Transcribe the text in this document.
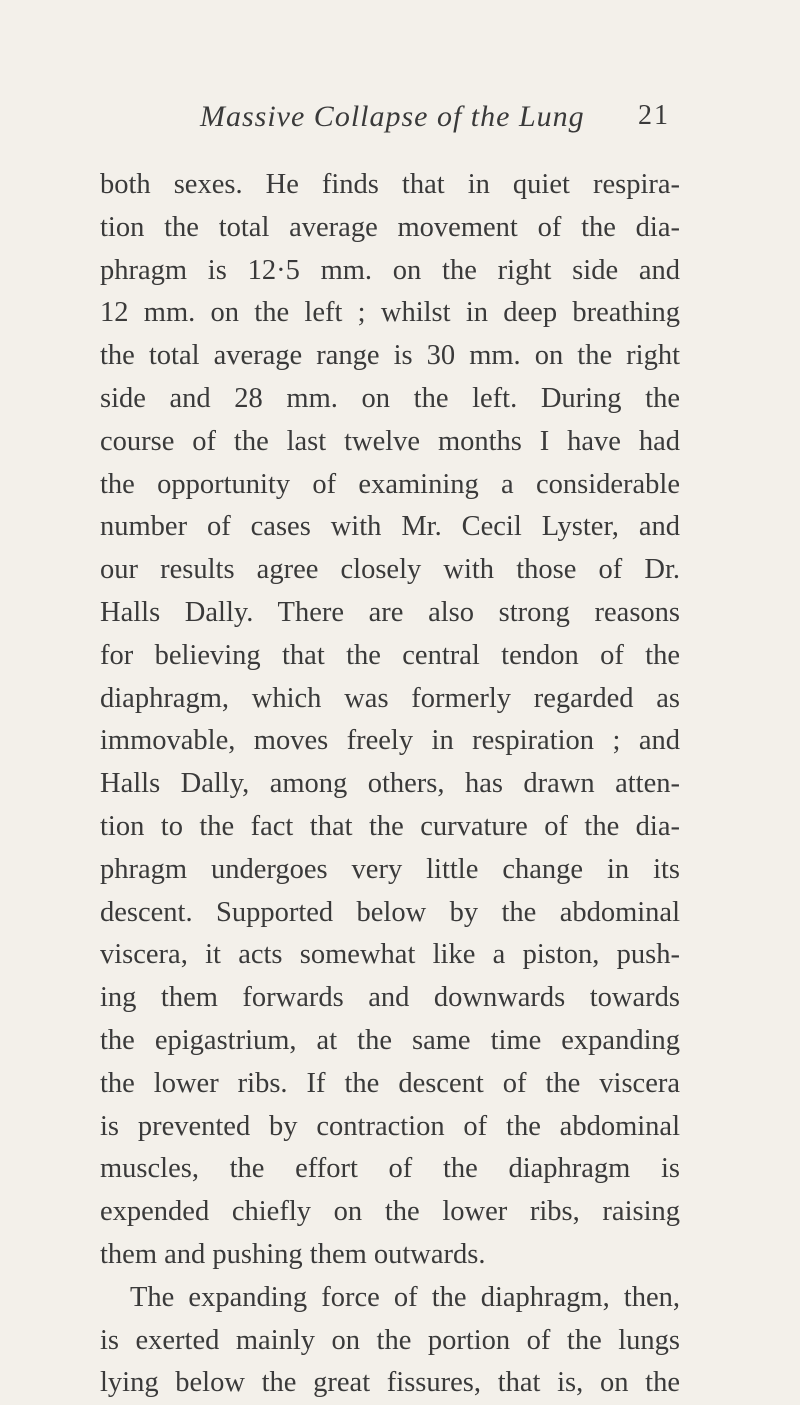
Massive Collapse of the Lung 21
both sexes. He finds that in quiet respira-
tion the total average movement of the dia-
phragm is 12·5 mm. on the right side and
12 mm. on the left ; whilst in deep breathing
the total average range is 30 mm. on the right
side and 28 mm. on the left. During the
course of the last twelve months I have had
the opportunity of examining a considerable
number of cases with Mr. Cecil Lyster, and
our results agree closely with those of Dr.
Halls Dally. There are also strong reasons
for believing that the central tendon of the
diaphragm, which was formerly regarded as
immovable, moves freely in respiration ; and
Halls Dally, among others, has drawn atten-
tion to the fact that the curvature of the dia-
phragm undergoes very little change in its
descent. Supported below by the abdominal
viscera, it acts somewhat like a piston, push-
ing them forwards and downwards towards
the epigastrium, at the same time expanding
the lower ribs. If the descent of the viscera
is prevented by contraction of the abdominal
muscles, the effort of the diaphragm is
expended chiefly on the lower ribs, raising
them and pushing them outwards.
The expanding force of the diaphragm, then,
is exerted mainly on the portion of the lungs
lying below the great fissures, that is, on the
